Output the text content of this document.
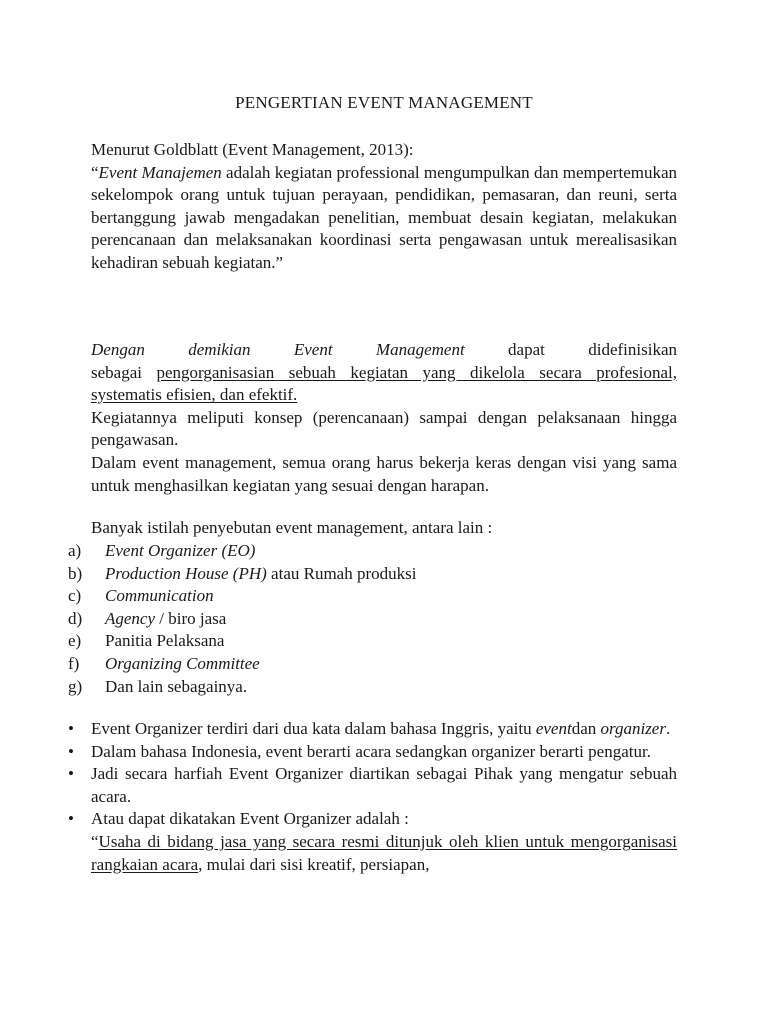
PENGERTIAN EVENT MANAGEMENT
Menurut Goldblatt (Event Management, 2013):
“Event Manajemen adalah kegiatan professional mengumpulkan dan mempertemukan sekelompok orang untuk tujuan perayaan, pendidikan, pemasaran, dan reuni, serta bertanggung jawab mengadakan penelitian, membuat desain kegiatan, melakukan perencanaan dan melaksanakan koordinasi serta pengawasan untuk merealisasikan kehadiran sebuah kegiatan.”
Dengan demikian Event Management dapat didefinisikan
sebagai pengorganisasian sebuah kegiatan yang dikelola secara profesional, systematis efisien, dan efektif.
Kegiatannya meliputi konsep (perencanaan) sampai dengan pelaksanaan hingga pengawasan.
Dalam event management, semua orang harus bekerja keras dengan visi yang sama untuk menghasilkan kegiatan yang sesuai dengan harapan.
Banyak istilah penyebutan event management, antara lain :
a) Event Organizer (EO)
b) Production House (PH) atau Rumah produksi
c) Communication
d) Agency / biro jasa
e) Panitia Pelaksana
f) Organizing Committee
g) Dan lain sebagainya.
• Event Organizer terdiri dari dua kata dalam bahasa Inggris, yaitu eventdan organizer.
• Dalam bahasa Indonesia, event berarti acara sedangkan organizer berarti pengatur.
• Jadi secara harfiah Event Organizer diartikan sebagai Pihak yang mengatur sebuah acara.
• Atau dapat dikatakan Event Organizer adalah :
“Usaha di bidang jasa yang secara resmi ditunjuk oleh klien untuk mengorganisasi rangkaian acara, mulai dari sisi kreatif, persiapan,
